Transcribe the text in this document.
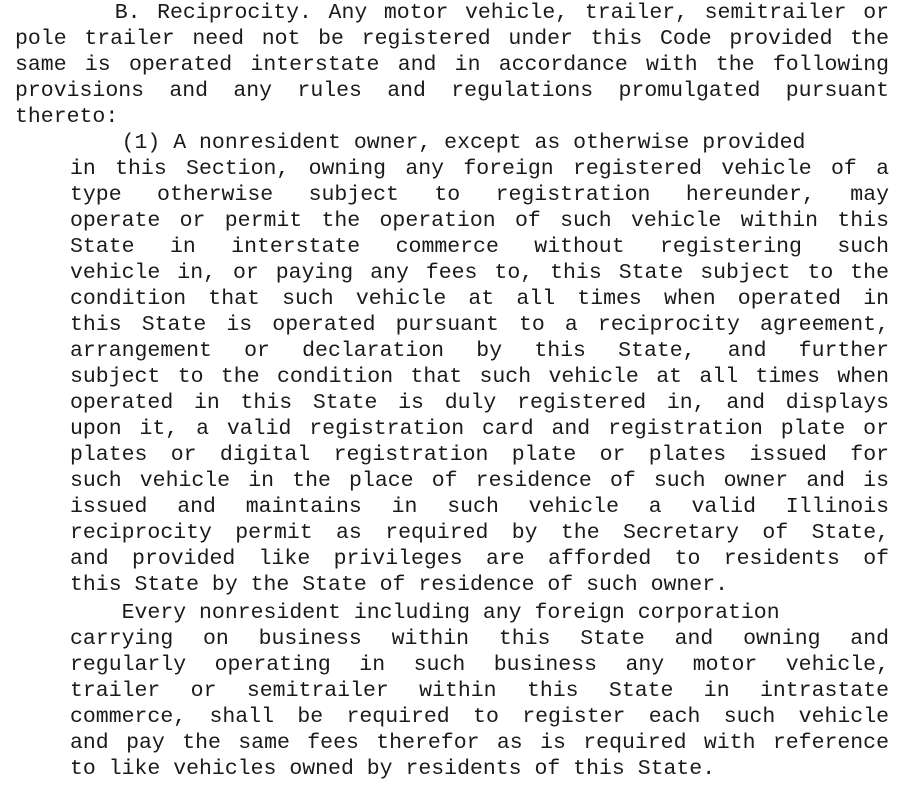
B. Reciprocity. Any motor vehicle, trailer, semitrailer or
pole trailer need not be registered under this Code provided the
same is operated interstate and in accordance with the following
provisions and any rules and regulations promulgated pursuant
thereto:
(1) A nonresident owner, except as otherwise provided
in this Section, owning any foreign registered vehicle of a
type otherwise subject to registration hereunder, may
operate or permit the operation of such vehicle within this
State in interstate commerce without registering such
vehicle in, or paying any fees to, this State subject to the
condition that such vehicle at all times when operated in
this State is operated pursuant to a reciprocity agreement,
arrangement or declaration by this State, and further
subject to the condition that such vehicle at all times when
operated in this State is duly registered in, and displays
upon it, a valid registration card and registration plate or
plates or digital registration plate or plates issued for
such vehicle in the place of residence of such owner and is
issued and maintains in such vehicle a valid Illinois
reciprocity permit as required by the Secretary of State,
and provided like privileges are afforded to residents of
this State by the State of residence of such owner.
Every nonresident including any foreign corporation
carrying on business within this State and owning and
regularly operating in such business any motor vehicle,
trailer or semitrailer within this State in intrastate
commerce, shall be required to register each such vehicle
and pay the same fees therefor as is required with reference
to like vehicles owned by residents of this State.
